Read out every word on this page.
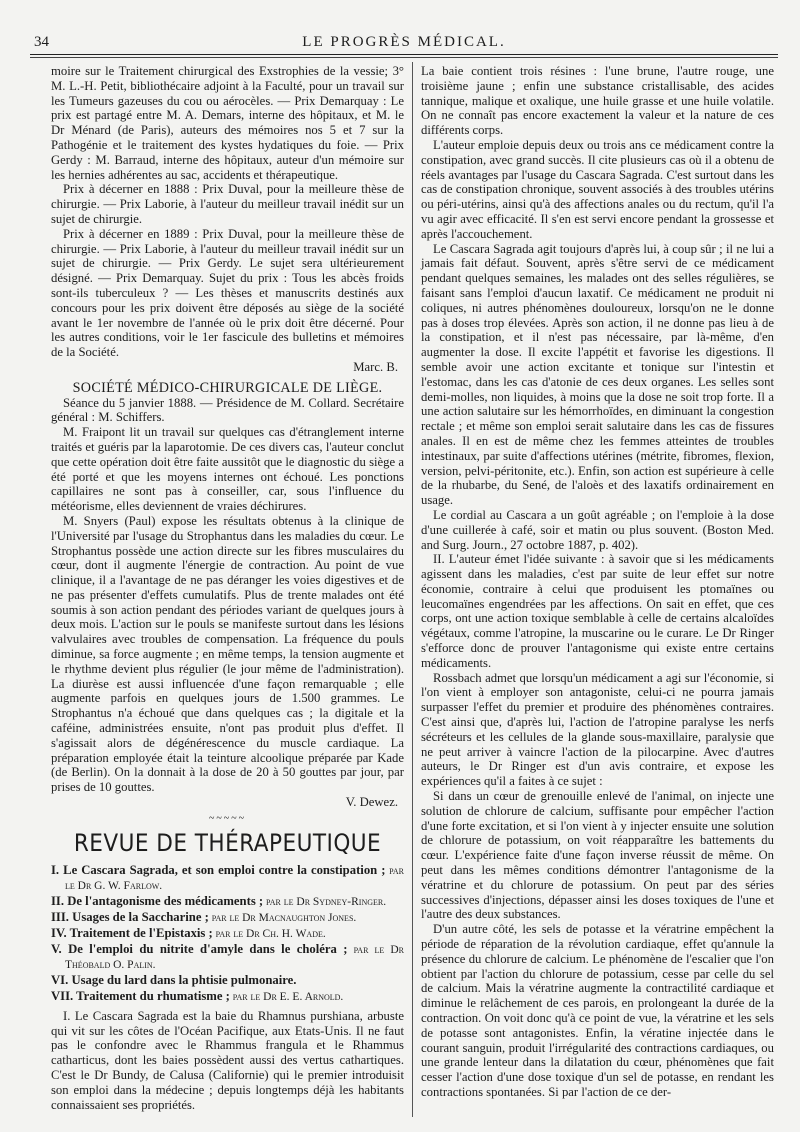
34	LE PROGRÈS MÉDICAL.

moire sur le Traitement chirurgical des Exstrophies de la vessie; 3° M. L.-H. Petit, bibliothécaire adjoint à la Faculté, pour un travail sur les Tumeurs gazeuses du cou ou aérocèles. — Prix Demarquay : Le prix est partagé entre M. A. Demars, interne des hôpitaux, et M. le Dr Ménard (de Paris), auteurs des mémoires nos 5 et 7 sur la Pathogénie et le traitement des kystes hydatiques du foie. — Prix Gerdy : M. Barraud, interne des hôpitaux, auteur d'un mémoire sur les hernies adhérentes au sac, accidents et thérapeutique.

Prix à décerner en 1888 : Prix Duval, pour la meilleure thèse de chirurgie. — Prix Laborie, à l'auteur du meilleur travail inédit sur un sujet de chirurgie.

Prix à décerner en 1889 : Prix Duval, pour la meilleure thèse de chirurgie. — Prix Laborie, à l'auteur du meilleur travail inédit sur un sujet de chirurgie. — Prix Gerdy. Le sujet sera ultérieurement désigné. — Prix Demarquay. Sujet du prix : Tous les abcès froids sont-ils tuberculeux ? — Les thèses et manuscrits destinés aux concours pour les prix doivent être déposés au siège de la société avant le 1er novembre de l'année où le prix doit être décerné. Pour les autres conditions, voir le 1er fascicule des bulletins et mémoires de la Société.

Marc. B.

SOCIÉTÉ MÉDICO-CHIRURGICALE DE LIÈGE.

Séance du 5 janvier 1888. — Présidence de M. Collard. Secrétaire général : M. Schiffers.

M. Fraipont lit un travail sur quelques cas d'étranglement interne traités et guéris par la laparotomie. De ces divers cas, l'auteur conclut que cette opération doit être faite aussitôt que le diagnostic du siège a été porté et que les moyens internes ont échoué. Les ponctions capillaires ne sont pas à conseiller, car, sous l'influence du météorisme, elles deviennent de vraies déchirures.

M. Snyers (Paul) expose les résultats obtenus à la clinique de l'Université par l'usage du Strophantus dans les maladies du cœur. Le Strophantus possède une action directe sur les fibres musculaires du cœur, dont il augmente l'énergie de contraction. Au point de vue clinique, il a l'avantage de ne pas déranger les voies digestives et de ne pas présenter d'effets cumulatifs. Plus de trente malades ont été soumis à son action pendant des périodes variant de quelques jours à deux mois. L'action sur le pouls se manifeste surtout dans les lésions valvulaires avec troubles de compensation. La fréquence du pouls diminue, sa force augmente ; en même temps, la tension augmente et le rhythme devient plus régulier (le jour même de l'administration). La diurèse est aussi influencée d'une façon remarquable ; elle augmente parfois en quelques jours de 1.500 grammes. Le Strophantus n'a échoué que dans quelques cas ; la digitale et la caféine, administrées ensuite, n'ont pas produit plus d'effet. Il s'agissait alors de dégénérescence du muscle cardiaque. La préparation employée était la teinture alcoolique préparée par Kade (de Berlin). On la donnait à la dose de 20 à 50 gouttes par jour, par prises de 10 gouttes.

V. Dewez.

~~~~~
REVUE DE THÉRAPEUTIQUE
I. Le Cascara Sagrada, et son emploi contre la constipation ; par le Dr G. W. Farlow.
II. De l'antagonisme des médicaments ; par le Dr Sydney-Ringer.
III. Usages de la Saccharine ; par le Dr Macnaughton Jones.
IV. Traitement de l'Epistaxis ; par le Dr Ch. H. Wade.
V. De l'emploi du nitrite d'amyle dans le choléra ; par le Dr Théobald O. Palin.
VI. Usage du lard dans la phtisie pulmonaire.
VII. Traitement du rhumatisme ; par le Dr E. E. Arnold.

I. Le Cascara Sagrada est la baie du Rhamnus purshiana, arbuste qui vit sur les côtes de l'Océan Pacifique, aux Etats-Unis. Il ne faut pas le confondre avec le Rhammus frangula et le Rhammus catharticus, dont les baies possèdent aussi des vertus cathartiques. C'est le Dr Bundy, de Calusa (Californie) qui le premier introduisit son emploi dans la médecine ; depuis longtemps déjà les habitants connaissaient ses propriétés.

La baie contient trois résines : l'une brune, l'autre rouge, une troisième jaune ; enfin une substance cristallisable, des acides tannique, malique et oxalique, une huile grasse et une huile volatile. On ne connaît pas encore exactement la valeur et la nature de ces différents corps.

L'auteur emploie depuis deux ou trois ans ce médicament contre la constipation, avec grand succès. Il cite plusieurs cas où il a obtenu de réels avantages par l'usage du Cascara Sagrada. C'est surtout dans les cas de constipation chronique, souvent associés à des troubles utérins ou péri-utérins, ainsi qu'à des affections anales ou du rectum, qu'il l'a vu agir avec efficacité. Il s'en est servi encore pendant la grossesse et après l'accouchement.

Le Cascara Sagrada agit toujours d'après lui, à coup sûr ; il ne lui a jamais fait défaut. Souvent, après s'être servi de ce médicament pendant quelques semaines, les malades ont des selles régulières, se faisant sans l'emploi d'aucun laxatif. Ce médicament ne produit ni coliques, ni autres phénomènes douloureux, lorsqu'on ne le donne pas à doses trop élevées. Après son action, il ne donne pas lieu à de la constipation, et il n'est pas nécessaire, par là-même, d'en augmenter la dose. Il excite l'appétit et favorise les digestions. Il semble avoir une action excitante et tonique sur l'intestin et l'estomac, dans les cas d'atonie de ces deux organes. Les selles sont demi-molles, non liquides, à moins que la dose ne soit trop forte. Il a une action salutaire sur les hémorrhoïdes, en diminuant la congestion rectale ; et même son emploi serait salutaire dans les cas de fissures anales. Il en est de même chez les femmes atteintes de troubles intestinaux, par suite d'affections utérines (métrite, fibromes, flexion, version, pelvi-péritonite, etc.). Enfin, son action est supérieure à celle de la rhubarbe, du Sené, de l'aloès et des laxatifs ordinairement en usage.

Le cordial au Cascara a un goût agréable ; on l'emploie à la dose d'une cuillerée à café, soir et matin ou plus souvent. (Boston Med. and Surg. Journ., 27 octobre 1887, p. 402).

II. L'auteur émet l'idée suivante : à savoir que si les médicaments agissent dans les maladies, c'est par suite de leur effet sur notre économie, contraire à celui que produisent les ptomaïnes ou leucomaïnes engendrées par les affections. On sait en effet, que ces corps, ont une action toxique semblable à celle de certains alcaloïdes végétaux, comme l'atropine, la muscarine ou le curare. Le Dr Ringer s'efforce donc de prouver l'antagonisme qui existe entre certains médicaments.

Rossbach admet que lorsqu'un médicament a agi sur l'économie, si l'on vient à employer son antagoniste, celui-ci ne pourra jamais surpasser l'effet du premier et produire des phénomènes contraires. C'est ainsi que, d'après lui, l'action de l'atropine paralyse les nerfs sécréteurs et les cellules de la glande sous-maxillaire, paralysie que ne peut arriver à vaincre l'action de la pilocarpine. Avec d'autres auteurs, le Dr Ringer est d'un avis contraire, et expose les expériences qu'il a faites à ce sujet :

Si dans un cœur de grenouille enlevé de l'animal, on injecte une solution de chlorure de calcium, suffisante pour empêcher l'action d'une forte excitation, et si l'on vient à y injecter ensuite une solution de chlorure de potassium, on voit réapparaître les battements du cœur. L'expérience faite d'une façon inverse réussit de même. On peut dans les mêmes conditions démontrer l'antagonisme de la vératrine et du chlorure de potassium. On peut par des séries successives d'injections, dépasser ainsi les doses toxiques de l'une et l'autre des deux substances.

D'un autre côté, les sels de potasse et la vératrine empêchent la période de réparation de la révolution cardiaque, effet qu'annule la présence du chlorure de calcium. Le phénomène de l'escalier que l'on obtient par l'action du chlorure de potassium, cesse par celle du sel de calcium. Mais la vératrine augmente la contractilité cardiaque et diminue le relâchement de ces parois, en prolongeant la durée de la contraction. On voit donc qu'à ce point de vue, la vératrine et les sels de potasse sont antagonistes. Enfin, la vératine injectée dans le courant sanguin, produit l'irrégularité des contractions cardiaques, ou une grande lenteur dans la dilatation du cœur, phénomènes que fait cesser l'action d'une dose toxique d'un sel de potasse, en rendant les contractions spontanées. Si par l'action de ce der-
